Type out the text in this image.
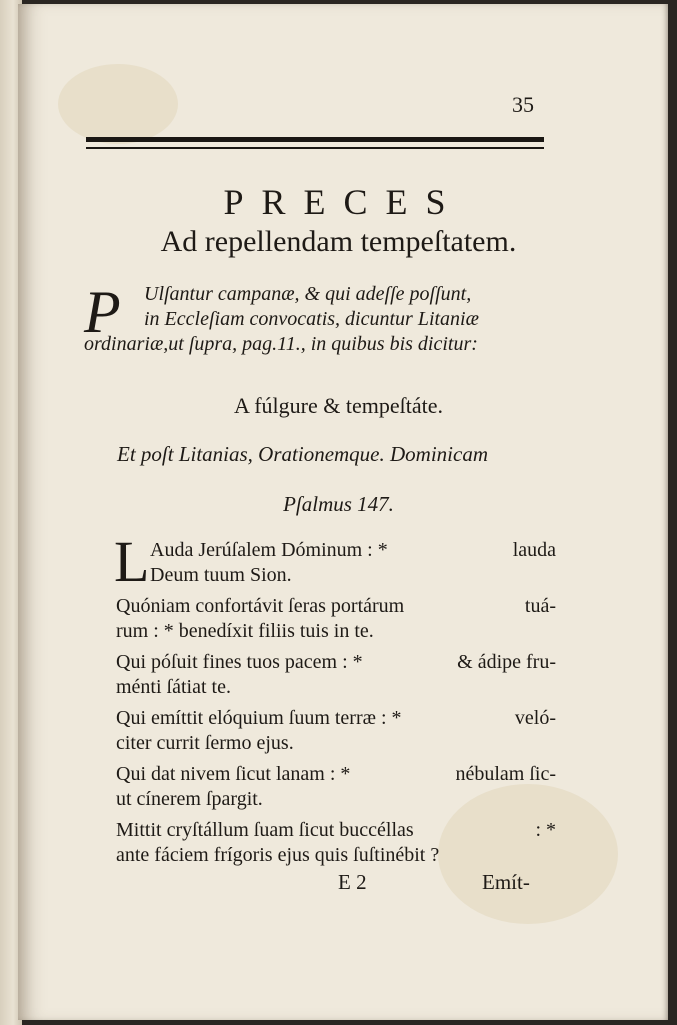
35
PRECES
Ad repellendam tempeſtatem.
P	Ulſantur campanæ, & qui adeſſe poſſunt,
in Eccleſiam convocatis, dicuntur Litaniæ
ordinariæ,ut ſupra, pag.11., in quibus bis dicitur:
A fúlgure & tempeſtáte.
Et poſt Litanias, Orationemque. Dominicam
Pſalmus 147.
L Auda Jerúſalem Dóminum : *	lauda
Deum tuum Sion.
Quóniam confortávit ſeras portárum	tuá-
rum : * benedíxit filiis tuis in te.
Qui póſuit fines tuos pacem : *	& ádipe fru-
ménti ſátiat te.
Qui emíttit elóquium ſuum terræ : *	veló-
citer currit ſermo ejus.
Qui dat nivem ſicut lanam : *	nébulam ſic-
ut cínerem ſpargit.
Mittit cryſtállum ſuam ſicut buccéllas	: *
ante fáciem frígoris ejus quis ſuſtinébit ?
E 2	Emít-
